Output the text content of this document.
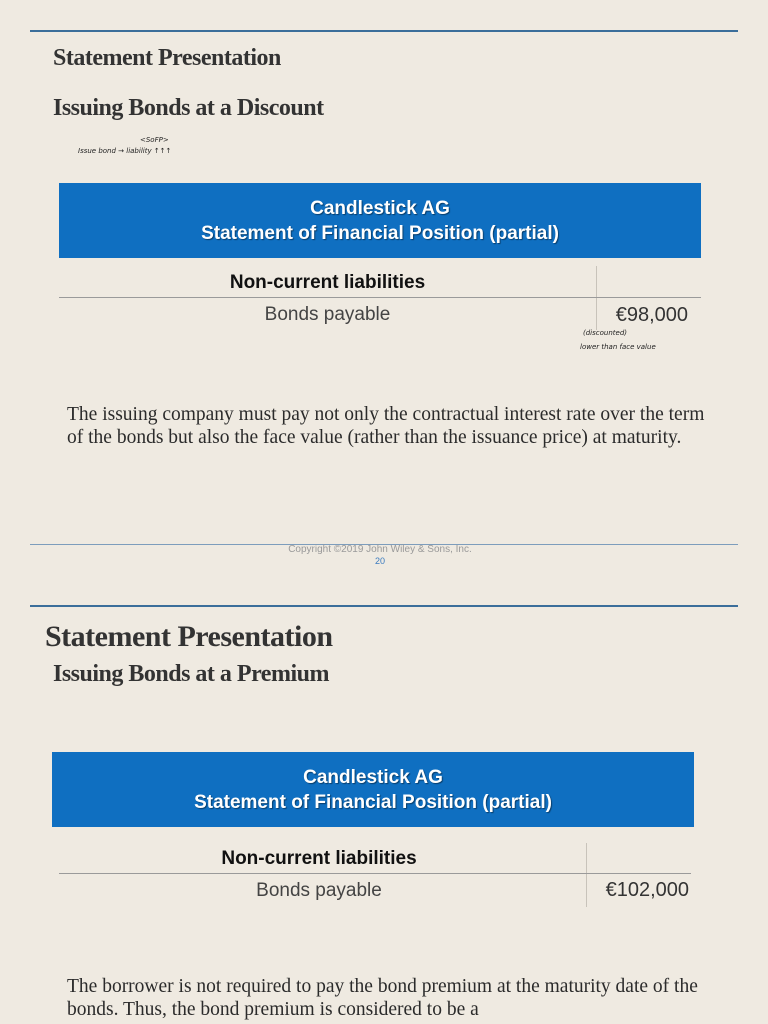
Statement Presentation
Issuing Bonds at a Discount
<SoFP>
Issue bond → liability ↑↑↑
Candlestick AG
Statement of Financial Position (partial)
Non-current liabilities
Bonds payable	€98,000
(discounted)
lower than face value
The issuing company must pay not only the contractual interest rate over the term of the bonds but also the face value (rather than the issuance price) at maturity.
Copyright ©2019 John Wiley & Sons, Inc.
20
Statement Presentation
Issuing Bonds at a Premium
Candlestick AG
Statement of Financial Position (partial)
Non-current liabilities
Bonds payable	€102,000
The borrower is not required to pay the bond premium at the maturity date of the bonds. Thus, the bond premium is considered to be a
